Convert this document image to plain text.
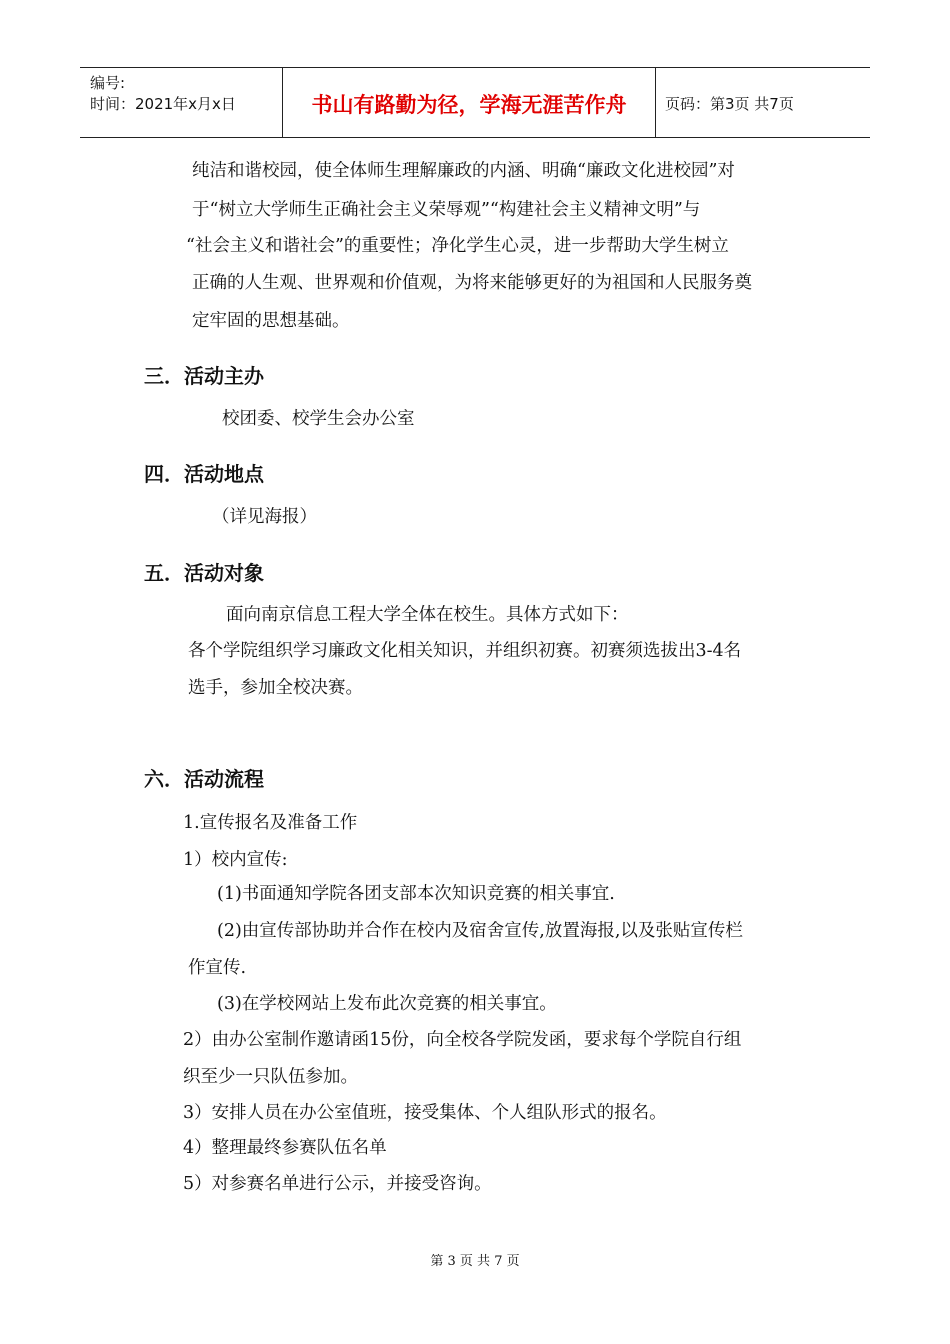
编号:
时间：2021年x月x日	书山有路勤为径，学海无涯苦作舟	页码：第3页 共7页
纯洁和谐校园，使全体师生理解廉政的内涵、明确“廉政文化进校园”对
于“树立大学师生正确社会主义荣辱观”“构建社会主义精神文明”与
“社会主义和谐社会”的重要性；净化学生心灵，进一步帮助大学生树立
正确的人生观、世界观和价值观，为将来能够更好的为祖国和人民服务奠
定牢固的思想基础。
三．活动主办
校团委、校学生会办公室
四．活动地点
（详见海报）
五．活动对象
面向南京信息工程大学全体在校生。具体方式如下：
各个学院组织学习廉政文化相关知识，并组织初赛。初赛须选拔出3-4名
选手，参加全校决赛。
六．活动流程
1.宣传报名及准备工作
1）校内宣传:
(1)书面通知学院各团支部本次知识竞赛的相关事宜.
(2)由宣传部协助并合作在校内及宿舍宣传,放置海报,以及张贴宣传栏
作宣传.
(3)在学校网站上发布此次竞赛的相关事宜。
2）由办公室制作邀请函15份，向全校各学院发函，要求每个学院自行组
织至少一只队伍参加。
3）安排人员在办公室值班，接受集体、个人组队形式的报名。
4）整理最终参赛队伍名单
5）对参赛名单进行公示，并接受咨询。
第 3 页 共 7 页
